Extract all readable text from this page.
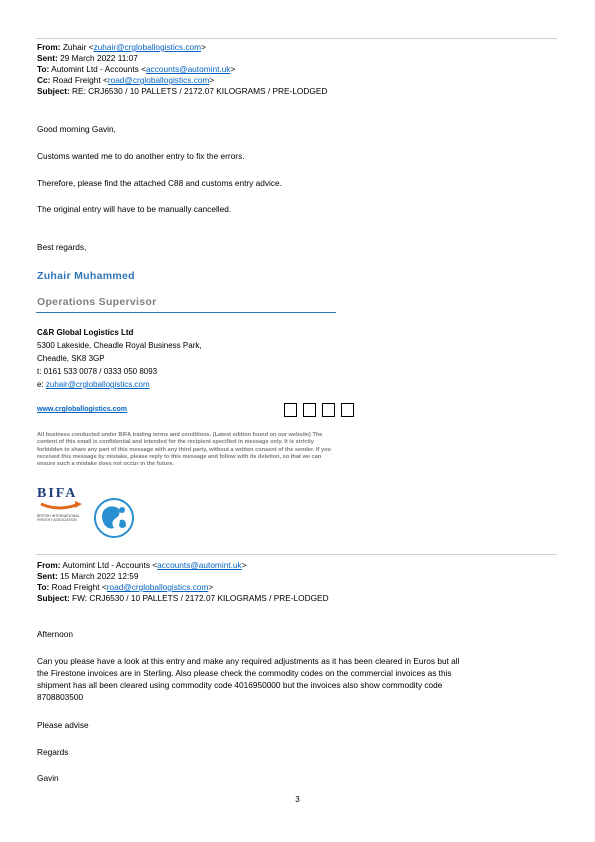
From: Zuhair <zuhair@crgloballogistics.com>
Sent: 29 March 2022 11:07
To: Automint Ltd - Accounts <accounts@automint.uk>
Cc: Road Freight <road@crgloballogistics.com>
Subject: RE: CRJ6530 / 10 PALLETS / 2172.07 KILOGRAMS / PRE-LODGED
Good morning Gavin,
Customs wanted me to do another entry to fix the errors.
Therefore, please find the attached C88 and customs entry advice.
The original entry will have to be manually cancelled.
Best regards,
Zuhair Muhammed
Operations Supervisor
C&R Global Logistics Ltd
5300 Lakeside, Cheadle Royal Business Park,
Cheadle, SK8 3GP
t: 0161 533 0078 / 0333 050 8093
e: zuhair@crgloballogistics.com
www.crgloballogistics.com
All business conducted under BIFA trading terms and conditions. (Latest edition found on our website) The content of this email is confidential and intended for the recipient specified in message only. It is strictly forbidden to share any part of this message with any third party, without a written consent of the sender. If you received this message by mistake, please reply to this message and follow with its deletion, so that we can ensure such a mistake does not occur in the future.
BIFA
BRITISH INTERNATIONAL FREIGHT ASSOCIATION
From: Automint Ltd - Accounts <accounts@automint.uk>
Sent: 15 March 2022 12:59
To: Road Freight <road@crgloballogistics.com>
Subject: FW: CRJ6530 / 10 PALLETS / 2172.07 KILOGRAMS / PRE-LODGED
Afternoon
Can you please have a look at this entry and make any required adjustments as it has been cleared in Euros but all
the Firestone invoices are in Sterling. Also please check the commodity codes on the commercial invoices as this
shipment has all been cleared using commodity code 4016950000 but the invoices also show commodity code
8708803500
Please advise
Regards
Gavin
3
